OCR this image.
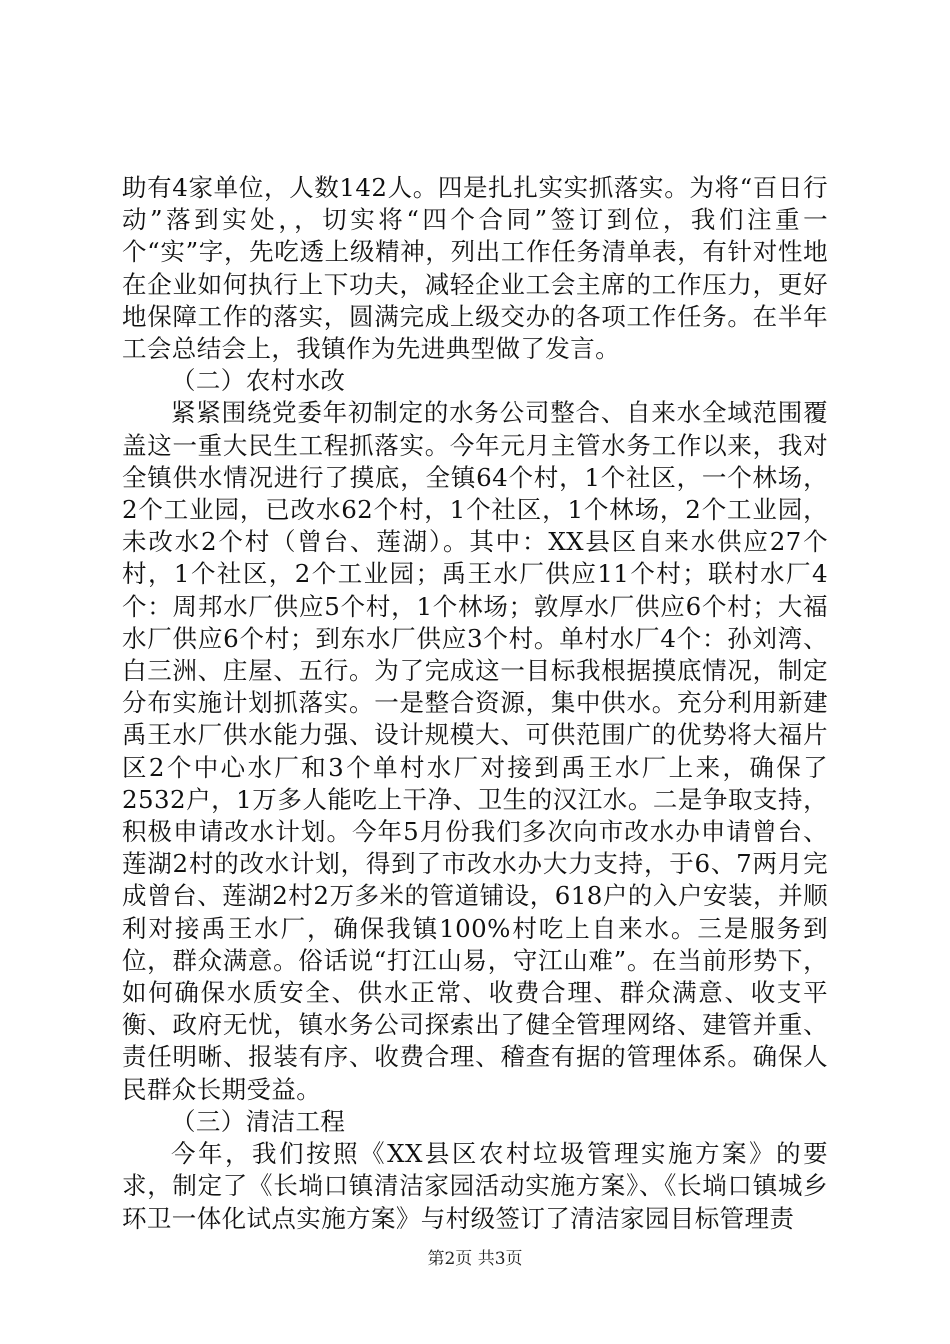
助有4家单位，人数142人。四是扎扎实实抓落实。为将“百日行动”落到实处，，切实将“四个合同”签订到位，我们注重一个“实”字，先吃透上级精神，列出工作任务清单表，有针对性地在企业如何执行上下功夫，减轻企业工会主席的工作压力，更好地保障工作的落实，圆满完成上级交办的各项工作任务。在半年工会总结会上，我镇作为先进典型做了发言。

（二）农村水改

紧紧围绕党委年初制定的水务公司整合、自来水全域范围覆盖这一重大民生工程抓落实。今年元月主管水务工作以来，我对全镇供水情况进行了摸底，全镇64个村，1个社区，一个林场，2个工业园，已改水62个村，1个社区，1个林场，2个工业园，未改水2个村（曾台、莲湖）。其中：XX县区自来水供应27个村，1个社区，2个工业园；禹王水厂供应11个村；联村水厂4个：周邦水厂供应5个村，1个林场；敦厚水厂供应6个村；大福水厂供应6个村；到东水厂供应3个村。单村水厂4个：孙刘湾、白三洲、庄屋、五行。为了完成这一目标我根据摸底情况，制定分布实施计划抓落实。一是整合资源，集中供水。充分利用新建禹王水厂供水能力强、设计规模大、可供范围广的优势将大福片区2个中心水厂和3个单村水厂对接到禹王水厂上来，确保了2532户，1万多人能吃上干净、卫生的汉江水。二是争取支持，积极申请改水计划。今年5月份我们多次向市改水办申请曾台、莲湖2村的改水计划，得到了市改水办大力支持，于6、7两月完成曾台、莲湖2村2万多米的管道铺设，618户的入户安装，并顺利对接禹王水厂，确保我镇100%村吃上自来水。三是服务到位，群众满意。俗话说“打江山易，守江山难”。在当前形势下，如何确保水质安全、供水正常、收费合理、群众满意、收支平衡、政府无忧，镇水务公司探索出了健全管理网络、建管并重、责任明晰、报装有序、收费合理、稽查有据的管理体系。确保人民群众长期受益。

（三）清洁工程

今年，我们按照《XX县区农村垃圾管理实施方案》的要求，制定了《长埫口镇清洁家园活动实施方案》、《长埫口镇城乡环卫一体化试点实施方案》与村级签订了清洁家园目标管理责

第2页 共3页
